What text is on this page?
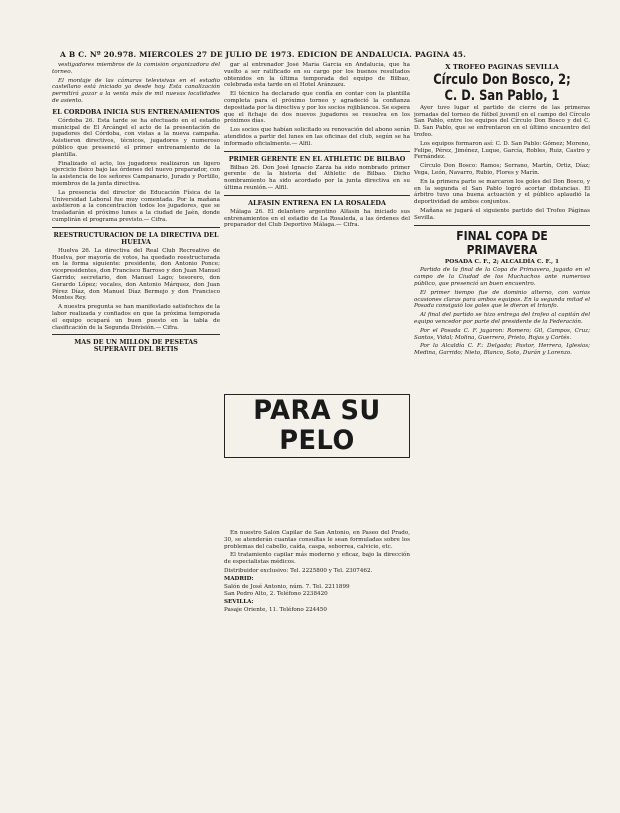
A B C. Nº 20.978. MIERCOLES 27 DE JULIO DE 1973. EDICION DE ANDALUCIA. PAGINA 45.

vestigadores miembros de la comisión organizadora del torneo.

El montaje de las cámaras televisivas en el estadio castellano está iniciado ya desde hoy. Esta canalización permitirá gozar a la venta más de mil nuevas localidades de asiento.

EL CORDOBA INICIA SUS ENTRENAMIENTOS

Córdoba 26. Esta tarde se ha efectuado en el estadio municipal de El Arcángel el acto de la presentación de jugadores del Córdoba, con vistas a la nueva campaña. Asistieron directivos, técnicos, jugadores y numeroso público que presenció el primer entrenamiento de la plantilla.

Finalizado el acto, los jugadores realizaron un ligero ejercicio físico bajo las órdenes del nuevo preparador, con la asistencia de los señores Campanario, Jurado y Portillo, miembros de la junta directiva.

La presencia del director de Educación Física de la Universidad Laboral fue muy comentada. Por la mañana asistieron a la concentración todos los jugadores, que se trasladarán el próximo lunes a la ciudad de Jaén, donde cumplirán el programa previsto.— Cifra.

REESTRUCTURACION DE LA DIRECTIVA DEL HUELVA

Huelva 26. La directiva del Real Club Recreativo de Huelva, por mayoría de votos, ha quedado reestructurada en la forma siguiente: presidente, don Antonio Ponce; vicepresidentes, don Francisco Barroso y don Juan Manuel Garrido; secretario, don Manuel Lago; tesorero, don Gerardo López; vocales, don Antonio Márquez, don Juan Pérez Díaz, don Manuel Díaz Bermejo y don Francisco Montes Rey.

A nuestra pregunta se han manifestado satisfechos de la labor realizada y confiados en que la próxima temporada el equipo ocupará un buen puesto en la tabla de clasificación de la Segunda División.— Cifra.

MAS DE UN MILLON DE PESETAS SUPERAVIT DEL BETIS

gar al entrenador José María García en Andalucía, que ha vuelto a ser ratificado en su cargo por los buenos resultados obtenidos en la última temporada del equipo de Bilbao, celebrada esta tarde en el Hotel Aránzazu.

El técnico ha declarado que confía en contar con la plantilla completa para el próximo torneo y agradeció la confianza depositada por la directiva y por los socios rojiblancos. Se espera que el fichaje de dos nuevos jugadores se resuelva en los próximos días.

Los socios que habían solicitado su renovación del abono serán atendidos a partir del lunes en las oficinas del club, según se ha informado oficialmente.— Alfil.

PRIMER GERENTE EN EL ATHLETIC DE BILBAO

Bilbao 26. Don José Ignacio Zarza ha sido nombrado primer gerente de la historia del Athletic de Bilbao. Dicho nombramiento ha sido acordado por la junta directiva en su última reunión.— Alfil.

ALFASIN ENTRENA EN LA ROSALEDA

Málaga 26. El delantero argentino Alfasin ha iniciado sus entrenamientos en el estadio de La Rosaleda, a las órdenes del preparador del Club Deportivo Málaga.— Cifra.

PARA SU PELO

En nuestro Salón Capilar de San Antonio, en Paseo del Prado, 30, se atenderán cuantas consultas le sean formuladas sobre los problemas del cabello, caída, caspa, seborrea, calvicie, etc.

El tratamiento capilar más moderno y eficaz, bajo la dirección de especialistas médicos.

Distribuidor exclusivo: Tel. 2225800 y Tel. 2307462.

MADRID:

Salón de José Antonio, núm. 7. Tel. 2211899

San Pedro Alto, 2. Teléfono 2238420

SEVILLA:

Pasaje Oriente, 11. Teléfono 224450

X TROFEO PAGINAS SEVILLA
Círculo Don Bosco, 2; C. D. San Pablo, 1

Ayer tuvo lugar el partido de cierre de las primeras jornadas del torneo de fútbol juvenil en el campo del Círculo San Pablo, entre los equipos del Círculo Don Bosco y del C. D. San Pablo, que se enfrentaron en el último encuentro del trofeo.

Los equipos formaron así: C. D. San Pablo: Gómez; Moreno, Felipe, Pérez, Jiménez, Luque, García, Robles, Ruiz, Castro y Fernández.

Círculo Don Bosco: Ramos; Serrano, Martín, Ortiz, Díaz; Vega, León, Navarro, Rubio, Flores y Marín.

En la primera parte se marcaron los goles del Don Bosco, y en la segunda el San Pablo logró acortar distancias. El árbitro tuvo una buena actuación y el público aplaudió la deportividad de ambos conjuntos.

Mañana se jugará el siguiente partido del Trofeo Páginas Sevilla.

FINAL COPA DE PRIMAVERA
POSADA C. F., 2; ALCALDÍA C. F., 1

Partido de la final de la Copa de Primavera, jugado en el campo de la Ciudad de los Muchachos ante numeroso público, que presenció un buen encuentro.

El primer tiempo fue de dominio alterno, con varias ocasiones claras para ambos equipos. En la segunda mitad el Posada consiguió los goles que le dieron el triunfo.

Al final del partido se hizo entrega del trofeo al capitán del equipo vencedor por parte del presidente de la Federación.

Por el Posada C. F. jugaron: Romero; Gil, Campos, Cruz; Santos, Vidal; Molina, Guerrero, Prieto, Rojas y Cortés.

Por la Alcaldía C. F.: Delgado; Pastor, Herrera, Iglesias; Medina, Garrido; Nieto, Blanco, Soto, Durán y Lorenzo.
